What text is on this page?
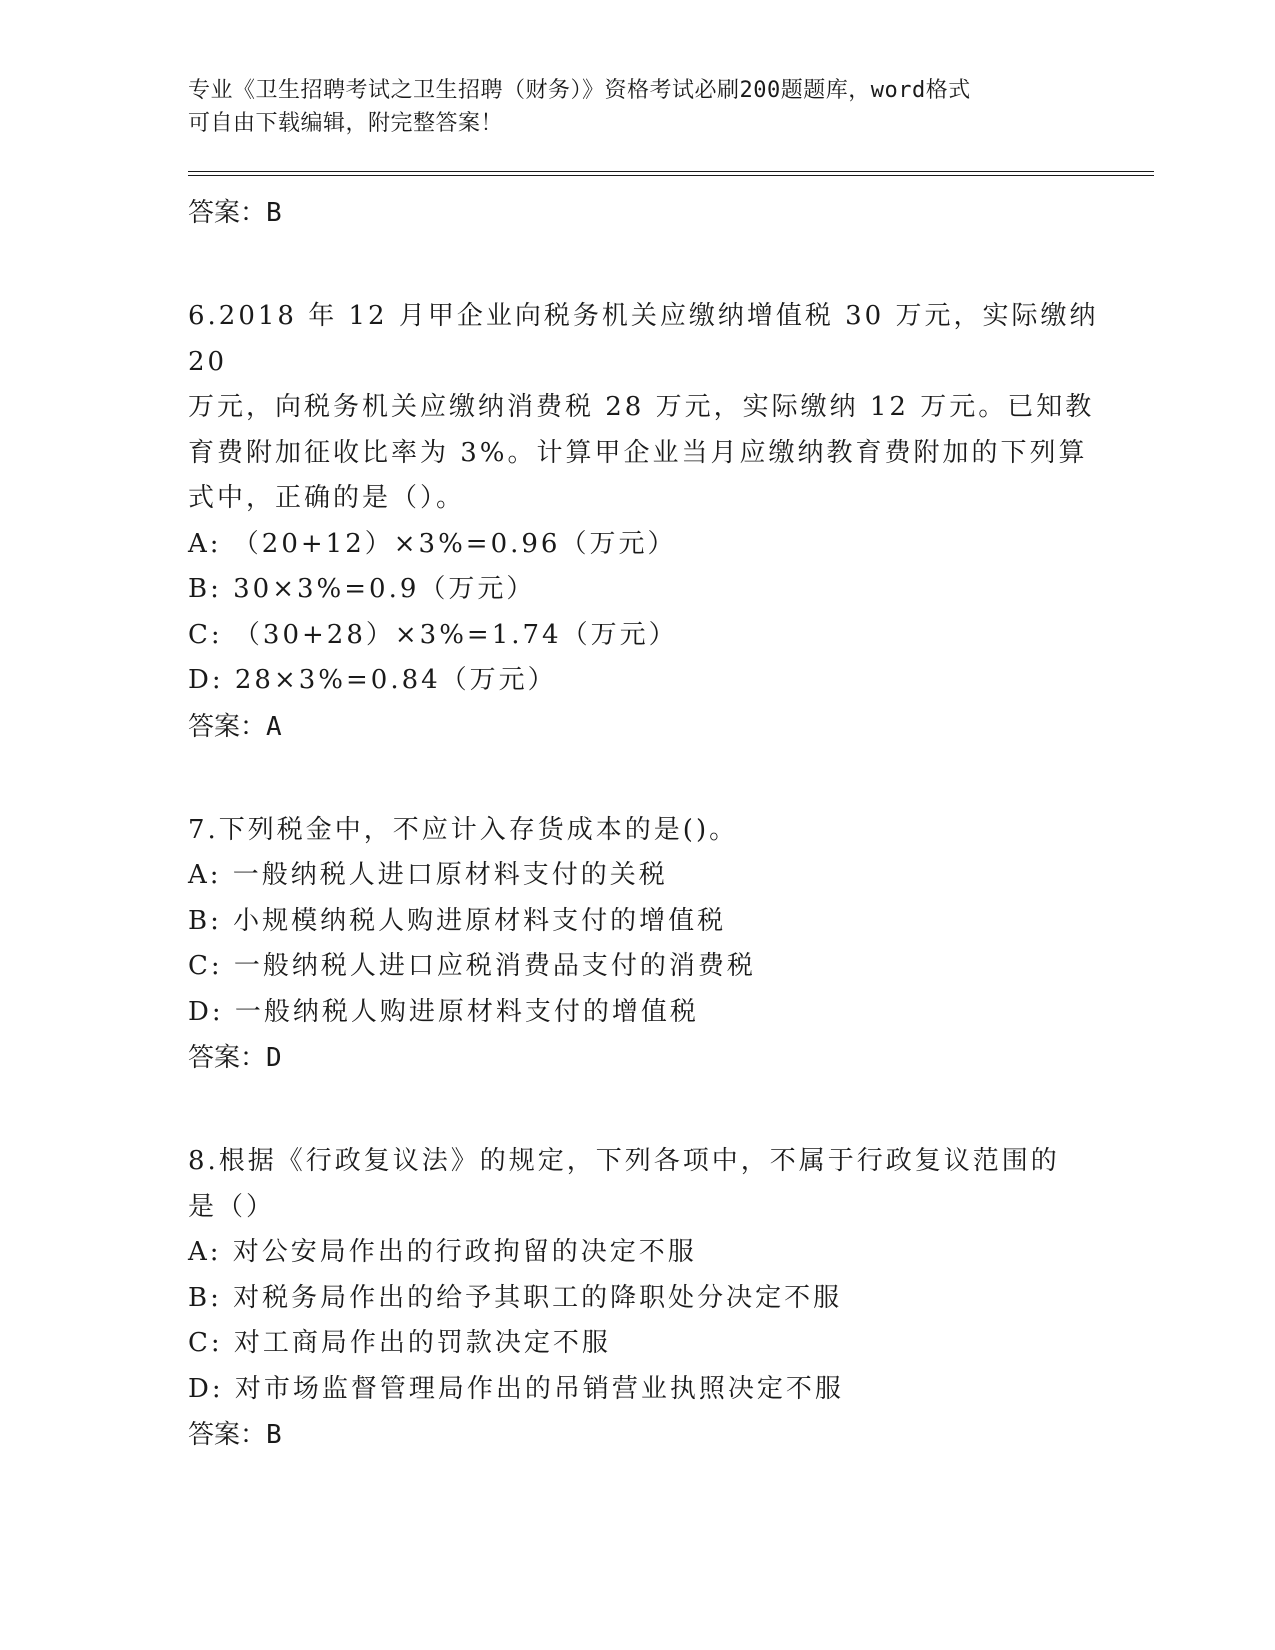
专业《卫生招聘考试之卫生招聘（财务）》资格考试必刷200题题库，word格式
可自由下载编辑，附完整答案！

答案：B

6.2018 年 12 月甲企业向税务机关应缴纳增值税 30 万元，实际缴纳 20

万元，向税务机关应缴纳消费税 28 万元，实际缴纳 12 万元。已知教

育费附加征收比率为 3%。计算甲企业当月应缴纳教育费附加的下列算

式中，正确的是（）。

A: （20+12）×3%=0.96（万元）

B: 30×3%=0.9（万元）

C: （30+28）×3%=1.74（万元）

D: 28×3%=0.84（万元）

答案：A

7.下列税金中，不应计入存货成本的是()。

A: 一般纳税人进口原材料支付的关税

B: 小规模纳税人购进原材料支付的增值税

C: 一般纳税人进口应税消费品支付的消费税

D: 一般纳税人购进原材料支付的增值税

答案：D

8.根据《行政复议法》的规定，下列各项中，不属于行政复议范围的

是（）

A: 对公安局作出的行政拘留的决定不服

B: 对税务局作出的给予其职工的降职处分决定不服

C: 对工商局作出的罚款决定不服

D: 对市场监督管理局作出的吊销营业执照决定不服

答案：B
